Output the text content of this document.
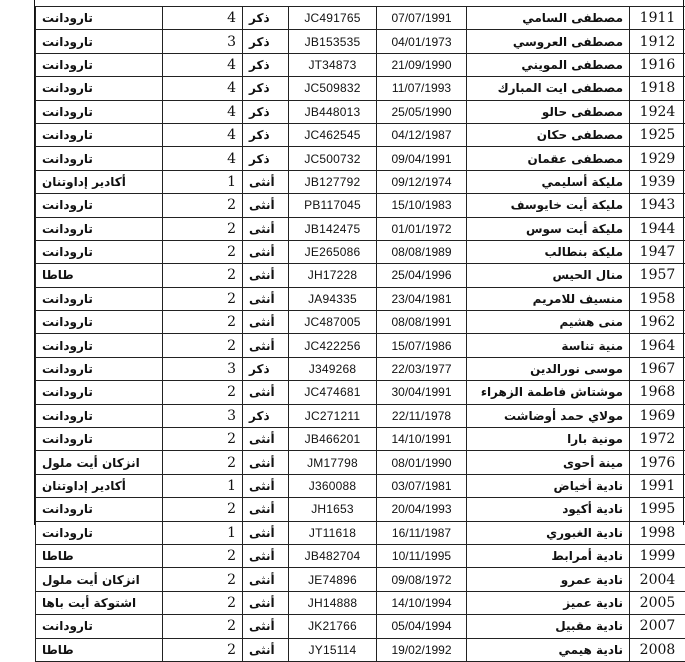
تارودانت	4	ذكر	JC491765	07/07/1991	مصطفى السامي	1911
تارودانت	3	ذكر	JB153535	04/01/1973	مصطفى العروسي	1912
تارودانت	4	ذكر	JT34873	21/09/1990	مصطفى المويني	1916
تارودانت	4	ذكر	JC509832	11/07/1993	مصطفى ايت المبارك	1918
تارودانت	4	ذكر	JB448013	25/05/1990	مصطفى حالو	1924
تارودانت	4	ذكر	JC462545	04/12/1987	مصطفى حكان	1925
تارودانت	4	ذكر	JC500732	09/04/1991	مصطفى عقمان	1929
أكادير إداوتنان	1	أنثى	JB127792	09/12/1974	مليكة أسليمي	1939
تارودانت	2	أنثى	PB117045	15/10/1983	مليكة أيت خايوسف	1943
تارودانت	2	أنثى	JB142475	01/01/1972	مليكة أيت سوس	1944
تارودانت	2	أنثى	JE265086	08/08/1989	مليكة بنطالب	1947
طاطا	2	أنثى	JH17228	25/04/1996	منال الحيس	1957
تارودانت	2	أنثى	JA94335	23/04/1981	منسيف للامريم	1958
تارودانت	2	أنثى	JC487005	08/08/1991	منى هشيم	1962
تارودانت	2	أنثى	JC422256	15/07/1986	منية تناسة	1964
تارودانت	3	ذكر	J349268	22/03/1977	موسى نورالدين	1967
تارودانت	2	أنثى	JC474681	30/04/1991	موشتاش فاطمة الزهراء	1968
تارودانت	3	ذكر	JC271211	22/11/1978	مولاي حمد أوضاشت	1969
تارودانت	2	أنثى	JB466201	14/10/1991	مونية بارا	1972
انزكان أيت ملول	2	أنثى	JM17798	08/01/1990	مينة أحوى	1976
أكادير إداوتنان	1	أنثى	J360088	03/07/1981	نادية أخياض	1991
تارودانت	2	أنثى	JH1653	20/04/1993	نادية أكيود	1995
تارودانت	1	أنثى	JT11618	16/11/1987	نادية الغبوري	1998
طاطا	2	أنثى	JB482704	10/11/1995	نادية أمرابط	1999
انزكان أيت ملول	2	أنثى	JE74896	09/08/1972	نادية عمرو	2004
اشتوكة أيت باها	2	أنثى	JH14888	14/10/1994	نادية عميز	2005
تارودانت	2	أنثى	JK21766	05/04/1994	نادية مقبيل	2007
طاطا	2	أنثى	JY15114	19/02/1992	نادية هيمي	2008
